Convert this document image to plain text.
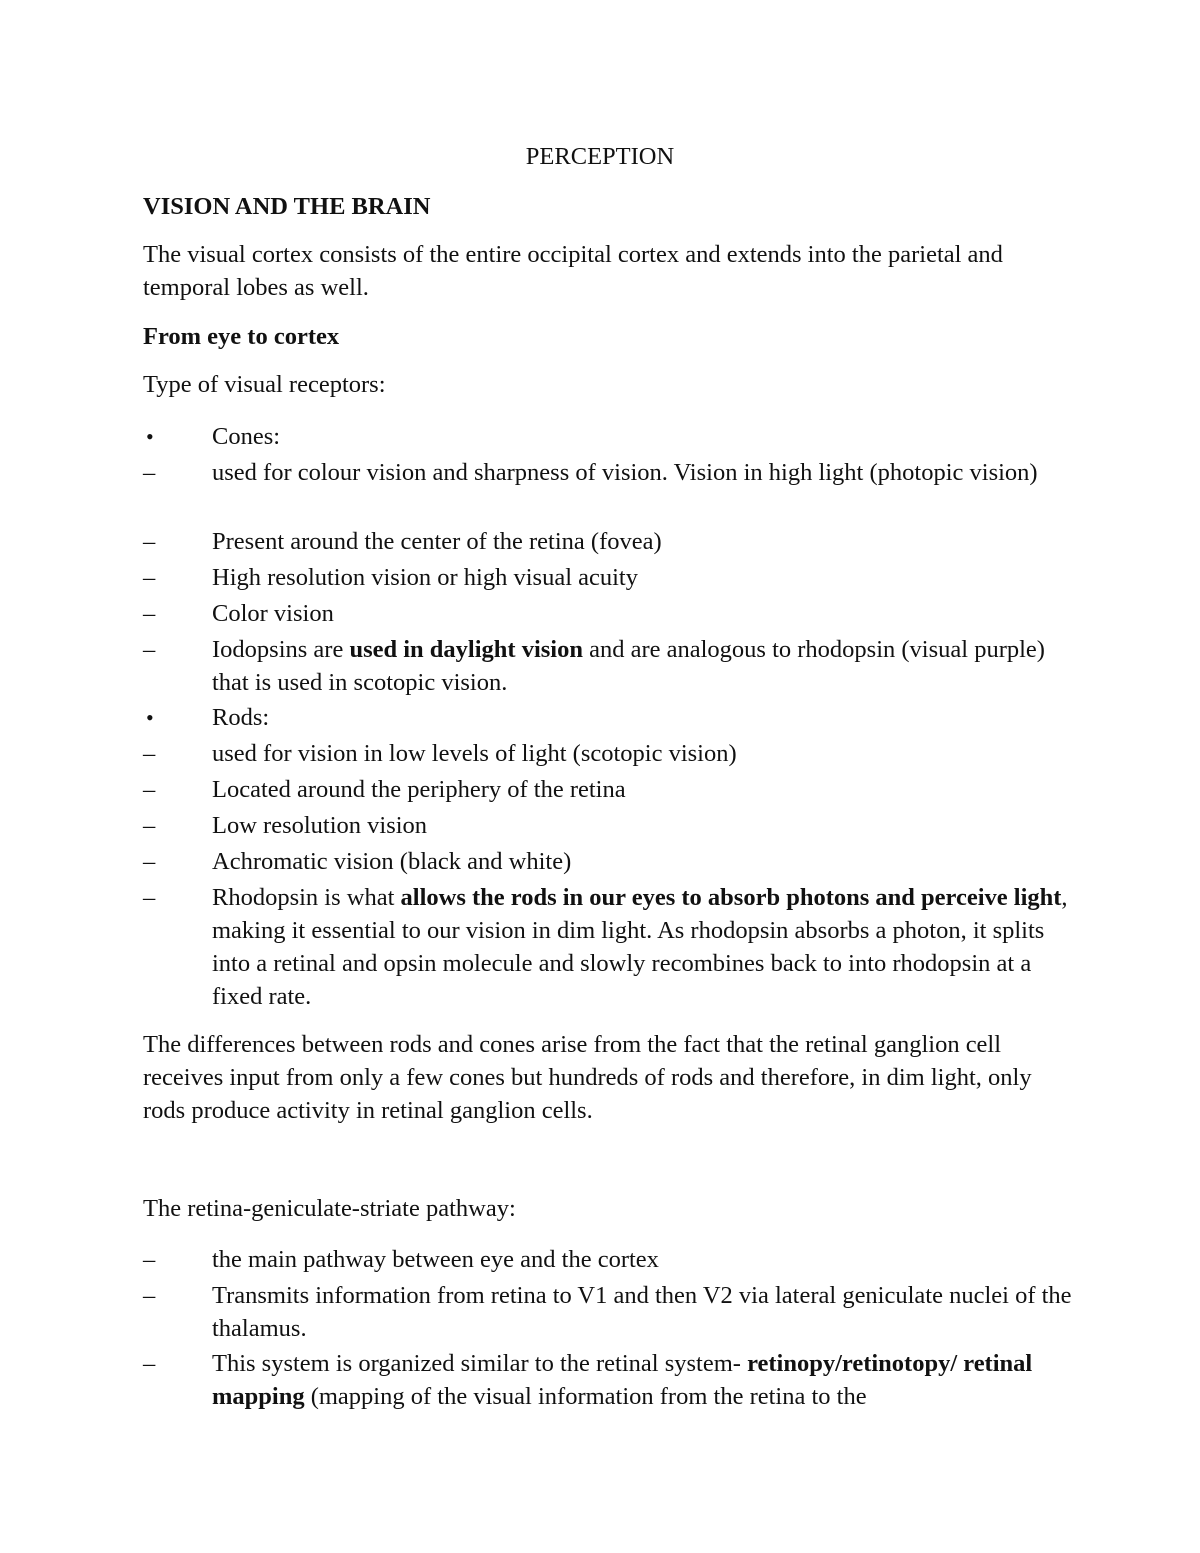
PERCEPTION

VISION AND THE BRAIN

The visual cortex consists of the entire occipital cortex and extends into the parietal and temporal lobes as well.

From eye to cortex

Type of visual receptors:

•	Cones:
–	used for colour vision and sharpness of vision. Vision in high light (photopic vision)
–	Present around the center of the retina (fovea)
–	High resolution vision or high visual acuity
–	Color vision
–	Iodopsins are used in daylight vision and are analogous to rhodopsin (visual purple) that is used in scotopic vision.
•	Rods:
–	used for vision in low levels of light (scotopic vision)
–	Located around the periphery of the retina
–	Low resolution vision
–	Achromatic vision (black and white)
–	Rhodopsin is what allows the rods in our eyes to absorb photons and perceive light, making it essential to our vision in dim light. As rhodopsin absorbs a photon, it splits into a retinal and opsin molecule and slowly recombines back to into rhodopsin at a fixed rate.

The differences between rods and cones arise from the fact that the retinal ganglion cell receives input from only a few cones but hundreds of rods and therefore, in dim light, only rods produce activity in retinal ganglion cells.

The retina-geniculate-striate pathway:

–	the main pathway between eye and the cortex
–	Transmits information from retina to V1 and then V2 via lateral geniculate nuclei of the thalamus.
–	This system is organized similar to the retinal system- retinopy/retinotopy/ retinal mapping (mapping of the visual information from the retina to the
